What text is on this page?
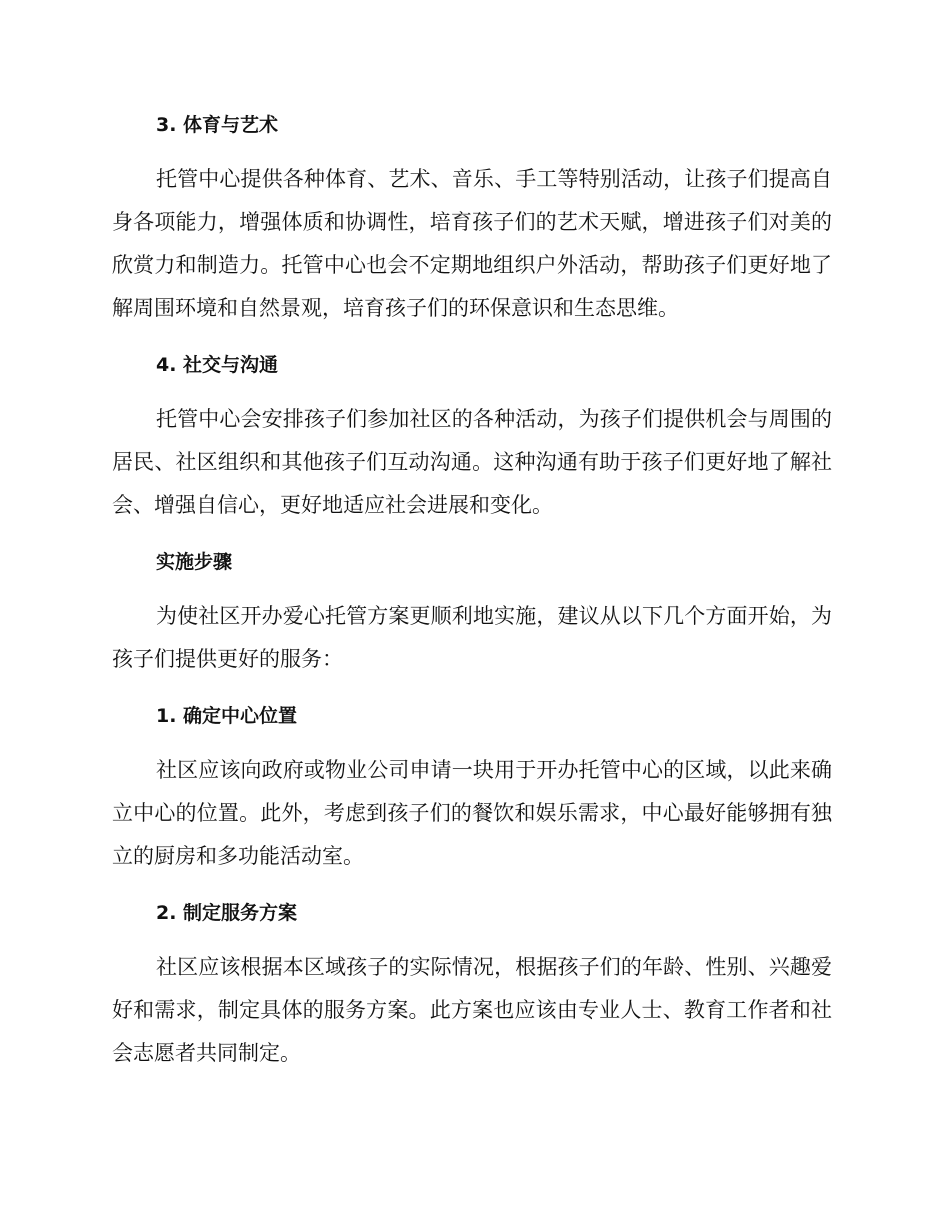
3. 体育与艺术

托管中心提供各种体育、艺术、音乐、手工等特别活动，让孩子们提高自身各项能力，增强体质和协调性，培育孩子们的艺术天赋，增进孩子们对美的欣赏力和制造力。托管中心也会不定期地组织户外活动，帮助孩子们更好地了解周围环境和自然景观，培育孩子们的环保意识和生态思维。

4. 社交与沟通

托管中心会安排孩子们参加社区的各种活动，为孩子们提供机会与周围的居民、社区组织和其他孩子们互动沟通。这种沟通有助于孩子们更好地了解社会、增强自信心，更好地适应社会进展和变化。

实施步骤

为使社区开办爱心托管方案更顺利地实施，建议从以下几个方面开始，为孩子们提供更好的服务：

1. 确定中心位置

社区应该向政府或物业公司申请一块用于开办托管中心的区域，以此来确立中心的位置。此外，考虑到孩子们的餐饮和娱乐需求，中心最好能够拥有独立的厨房和多功能活动室。

2. 制定服务方案

社区应该根据本区域孩子的实际情况，根据孩子们的年龄、性别、兴趣爱好和需求，制定具体的服务方案。此方案也应该由专业人士、教育工作者和社会志愿者共同制定。
